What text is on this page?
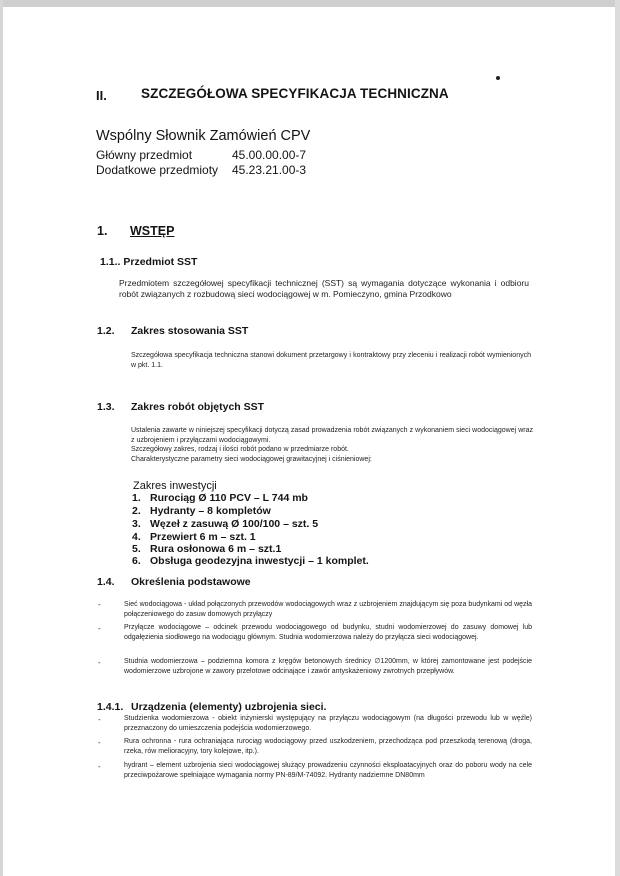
II.	SZCZEGÓŁOWA SPECYFIKACJA TECHNICZNA
Wspólny Słownik Zamówień CPV
Główny przedmiot	45.00.00.00-7
Dodatkowe przedmioty 45.23.21.00-3
1. WSTĘP
1.1.. Przedmiot SST
Przedmiotem szczegółowej specyfikacji technicznej (SST) są wymagania dotyczące wykonania i odbioru robót związanych z rozbudową sieci wodociągowej w m. Pomieczyno, gmina Przodkowo
1.2. Zakres stosowania SST
Szczegółowa specyfikacja techniczna stanowi dokument przetargowy i kontraktowy przy zleceniu i realizacji robót wymienionych w pkt. 1.1.
1.3. Zakres robót objętych SST

Ustalenia zawarte w niniejszej specyfikacji dotyczą zasad prowadzenia robót związanych z wykonaniem sieci wodociągowej wraz z uzbrojeniem i przyłączami wodociągowymi.

Szczegółowy zakres, rodzaj i ilości robót podano w przedmiarze robót.

Charakterystyczne parametry sieci wodociągowej grawitacyjnej i ciśnieniowej:

Zakres inwestycji
1. Rurociąg Ø 110 PCV – L 744 mb
2. Hydranty – 8 kompletów
3. Węzeł z zasuwą Ø 100/100 – szt. 5
4. Przewiert 6 m – szt. 1
5. Rura osłonowa 6 m – szt.1
6. Obsługa geodezyjna inwestycji – 1 komplet.
1.4. Określenia podstawowe
-	Sieć wodociągowa - układ połączonych przewodów wodociągowych wraz z uzbrojeniem znajdującym się poza budynkami od węzła połączeniowego do zasuw domowych przyłączy
-	Przyłącze wodociągowe – odcinek przewodu wodociągowego od budynku, studni wodomierzowej do zasuwy domowej lub odgałęzienia siodłowego na wodociągu głównym. Studnia wodomierzowa należy do przyłącza sieci wodociągowej.
-	Studnia wodomierzowa – podziemna komora z kręgów betonowych średnicy ∅1200mm, w której zamontowane jest podejście wodomierzowe uzbrojone w zawory przelotowe odcinające i zawór antyskażeniowy zwrotnych przepływów.
1.4.1. Urządzenia (elementy) uzbrojenia sieci.
-	Studzienka wodomierzowa - obiekt inżynierski występujący na przyłączu wodociągowym (na długości przewodu lub w węźle) przeznaczony do umieszczenia podejścia wodomierzowego.
-	Rura ochronna - rura ochraniająca rurociąg wodociągowy przed uszkodzeniem, przechodząca pod przeszkodą terenową (droga, rzeka, rów melioracyjny, tory kolejowe, itp.).
-	hydrant – element uzbrojenia sieci wodociągowej służący prowadzeniu czynności eksploatacyjnych oraz do poboru wody na cele przeciwpożarowe spełniające wymagania normy PN-89/M-74092. Hydranty nadziemne DN80mm
